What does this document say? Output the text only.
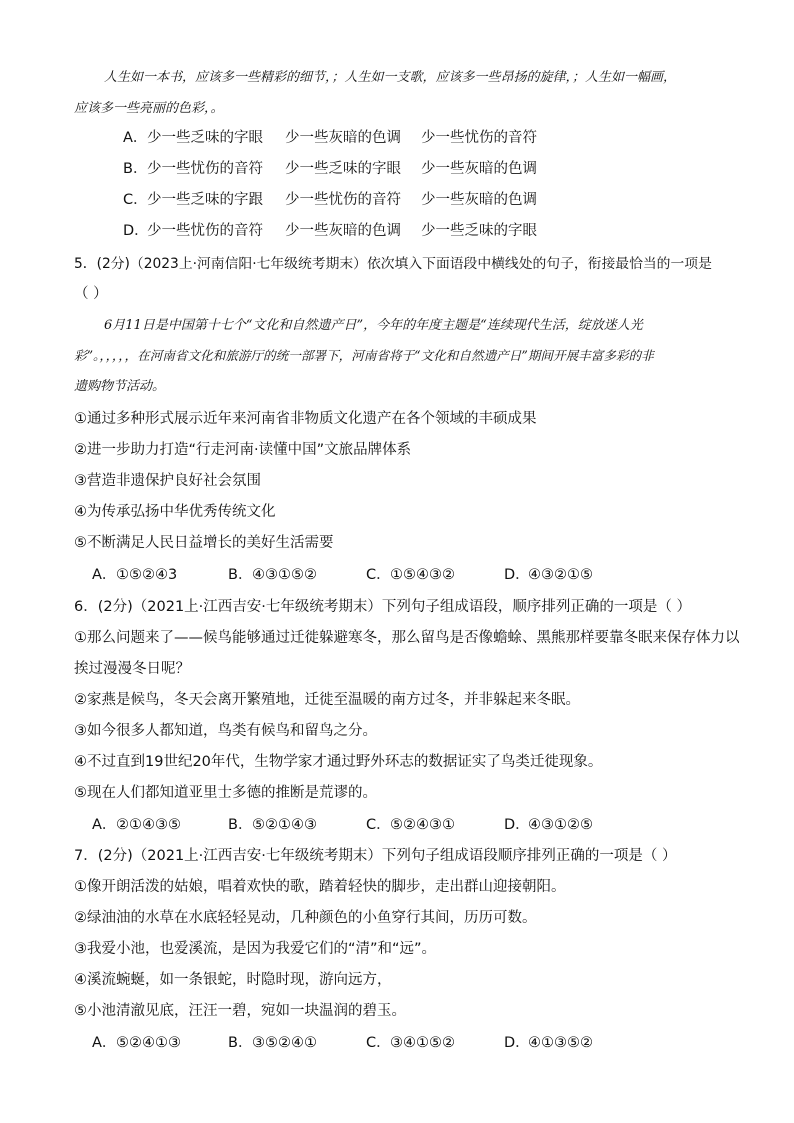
人生如一本书，应该多一些精彩的细节，；人生如一支歌，应该多一些昂扬的旋律，；人生如一幅画，
应该多一些亮丽的色彩，。
A．少一些乏味的字眼 少一些灰暗的色调 少一些忧伤的音符
B．少一些忧伤的音符 少一些乏味的字眼 少一些灰暗的色调
C．少一些乏味的字跟 少一些忧伤的音符 少一些灰暗的色调
D．少一些忧伤的音符 少一些灰暗的色调 少一些乏味的字眼
5．(2分)（2023上·河南信阳·七年级统考期末）依次填入下面语段中横线处的句子，衔接最恰当的一项是
（ ）
6月11日是中国第十七个“文化和自然遗产日”，今年的年度主题是“连续现代生活，绽放迷人光
彩”。，，，，，在河南省文化和旅游厅的统一部署下，河南省将于“文化和自然遗产日”期间开展丰富多彩的非
遗购物节活动。
①通过多种形式展示近年来河南省非物质文化遗产在各个领域的丰硕成果
②进一步助力打造“行走河南·读懂中国”文旅品牌体系
③营造非遗保护良好社会氛围
④为传承弘扬中华优秀传统文化
⑤不断满足人民日益增长的美好生活需要
A．①⑤②④3	B．④③①⑤②	C．①⑤④③②	D．④③②①⑤
6．(2分)（2021上·江西吉安·七年级统考期末）下列句子组成语段，顺序排列正确的一项是（ ）
①那么问题来了——候鸟能够通过迁徙躲避寒冬，那么留鸟是否像蟾蜍、黑熊那样要靠冬眠来保存体力以
挨过漫漫冬日呢？
②家燕是候鸟，冬天会离开繁殖地，迁徙至温暖的南方过冬，并非躲起来冬眠。
③如今很多人都知道，鸟类有候鸟和留鸟之分。
④不过直到19世纪20年代，生物学家才通过野外环志的数据证实了鸟类迁徙现象。
⑤现在人们都知道亚里士多德的推断是荒谬的。
A．②①④③⑤	B．⑤②①④③	C．⑤②④③①	D．④③①②⑤
7．(2分)（2021上·江西吉安·七年级统考期末）下列句子组成语段顺序排列正确的一项是（ ）
①像开朗活泼的姑娘，唱着欢快的歌，踏着轻快的脚步，走出群山迎接朝阳。
②绿油油的水草在水底轻轻晃动，几种颜色的小鱼穿行其间，历历可数。
③我爱小池，也爱溪流，是因为我爱它们的“清”和“远”。
④溪流蜿蜒，如一条银蛇，时隐时现，游向远方，
⑤小池清澈见底，汪汪一碧，宛如一块温润的碧玉。
A．⑤②④①③	B．③⑤②④①	C．③④①⑤②	D．④①③⑤②
